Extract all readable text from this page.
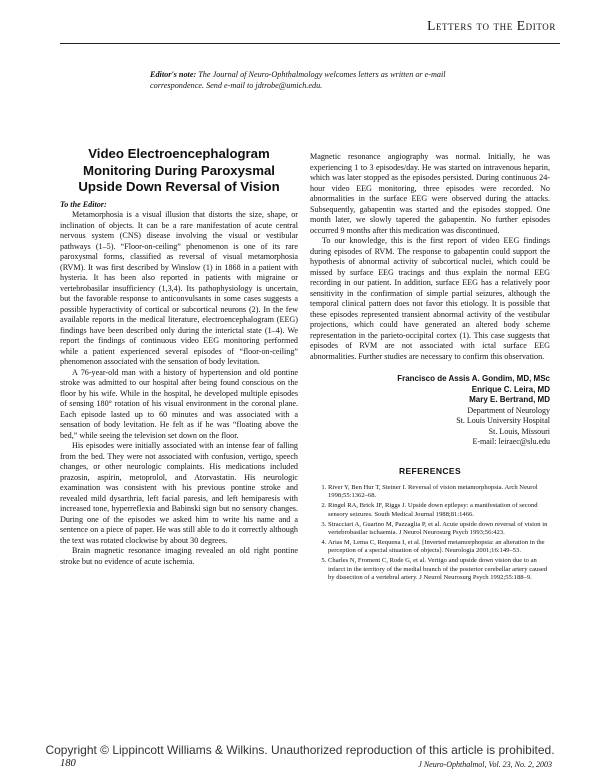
Letters to the Editor
Editor's note: The Journal of Neuro-Ophthalmology welcomes letters as written or e-mail correspondence. Send e-mail to jdtrobe@umich.edu.
Video Electroencephalogram Monitoring During Paroxysmal Upside Down Reversal of Vision

To the Editor:

Metamorphosia is a visual illusion that distorts the size, shape, or inclination of objects. It can be a rare manifestation of acute central nervous system (CNS) disease involving the visual or vestibular pathways (1–5). “Floor-on-ceiling” phenomenon is one of its rare paroxysmal forms, classified as reversal of visual metamorphosia (RVM). It was first described by Winslow (1) in 1868 in a patient with hysteria. It has been also reported in patients with migraine or vertebrobasilar insufficiency (1,3,4). Its pathophysiology is uncertain, but the favorable response to anticonvulsants in some cases suggests a possible hyperactivity of cortical or subcortical neurons (2). In the few available reports in the medical literature, electroencephalogram (EEG) findings have been described only during the interictal state (1–4). We report the findings of continuous video EEG monitoring performed while a patient experienced several episodes of “floor-on-ceiling” phenomenon associated with the sensation of body levitation.

A 76-year-old man with a history of hypertension and old pontine stroke was admitted to our hospital after being found conscious on the floor by his wife. While in the hospital, he developed multiple episodes of sensing 180° rotation of his visual environment in the coronal plane. Each episode lasted up to 60 minutes and was associated with a sensation of body levitation. He felt as if he was “floating above the bed,” while seeing the television set down on the floor.

His episodes were initially associated with an intense fear of falling from the bed. They were not associated with confusion, vertigo, speech changes, or other neurologic complaints. His medications included prazosin, aspirin, metoprolol, and Atorvastatin. His neurologic examination was consistent with his previous pontine stroke and revealed mild dysarthria, left facial paresis, and left hemiparesis with increased tone, hyperreflexia and Babinski sign but no sensory changes. During one of the episodes we asked him to write his name and a sentence on a piece of paper. He was still able to do it correctly although the text was rotated clockwise by about 30 degrees.

Brain magnetic resonance imaging revealed an old right pontine stroke but no evidence of acute ischemia.

Magnetic resonance angiography was normal. Initially, he was experiencing 1 to 3 episodes/day. He was started on intravenous heparin, which was later stopped as the episodes persisted. During continuous 24-hour video EEG monitoring, three episodes were recorded. No abnormalities in the surface EEG were observed during the attacks. Subsequently, gabapentin was started and the episodes stopped. One month later, we slowly tapered the gabapentin. No further episodes occurred 9 months after this medication was discontinued.

To our knowledge, this is the first report of video EEG findings during episodes of RVM. The response to gabapentin could support the hypothesis of abnormal activity of subcortical nuclei, which could be missed by surface EEG tracings and thus explain the normal EEG recording in our patient. In addition, surface EEG has a relatively poor sensitivity in the confirmation of simple partial seizures, although the temporal clinical pattern does not favor this etiology. It is possible that these episodes represented transient abnormal activity of the vestibular projections, which could have generated an altered body scheme representation in the parieto-occipital cortex (1). This case suggests that episodes of RVM are not associated with ictal surface EEG abnormalities. Further studies are necessary to confirm this observation.

Francisco de Assis A. Gondim, MD, MSc
Enrique C. Leira, MD
Mary E. Bertrand, MD
Department of Neurology
St. Louis University Hospital
St. Louis, Missouri
E-mail: leiraec@slu.edu
REFERENCES
1. River Y, Ben Hur T, Steiner I. Reversal of vision metamorphopsia. Arch Neurol 1998;55:1362–68.
2. Ringel RA, Brick JF, Riggs J. Upside down epilepsy: a manifestation of second sensory seizures. South Medical Journal 1988;81:1466.
3. Stracciari A, Guarino M, Pazzaglia P, et al. Acute upside down reversal of vision in vertebrobasilar ischaemia. J Neurol Neurosurg Psych 1993;56:423.
4. Arias M, Lema C, Requena I, et al. [Inverted metamorphopsia: an alteration in the perception of a special situation of objects]. Neurologia 2001;16:149–53.
5. Charles N, Froment C, Rode G, et al. Vertigo and upside down vision due to an infarct in the territory of the medial branch of the posterior cerebellar artery caused by dissection of a vertebral artery. J Neurol Neurosurg Psych 1992;55:188–9.
Copyright © Lippincott Williams & Wilkins. Unauthorized reproduction of this article is prohibited.
180	J Neuro-Ophthalmol, Vol. 23, No. 2, 2003
